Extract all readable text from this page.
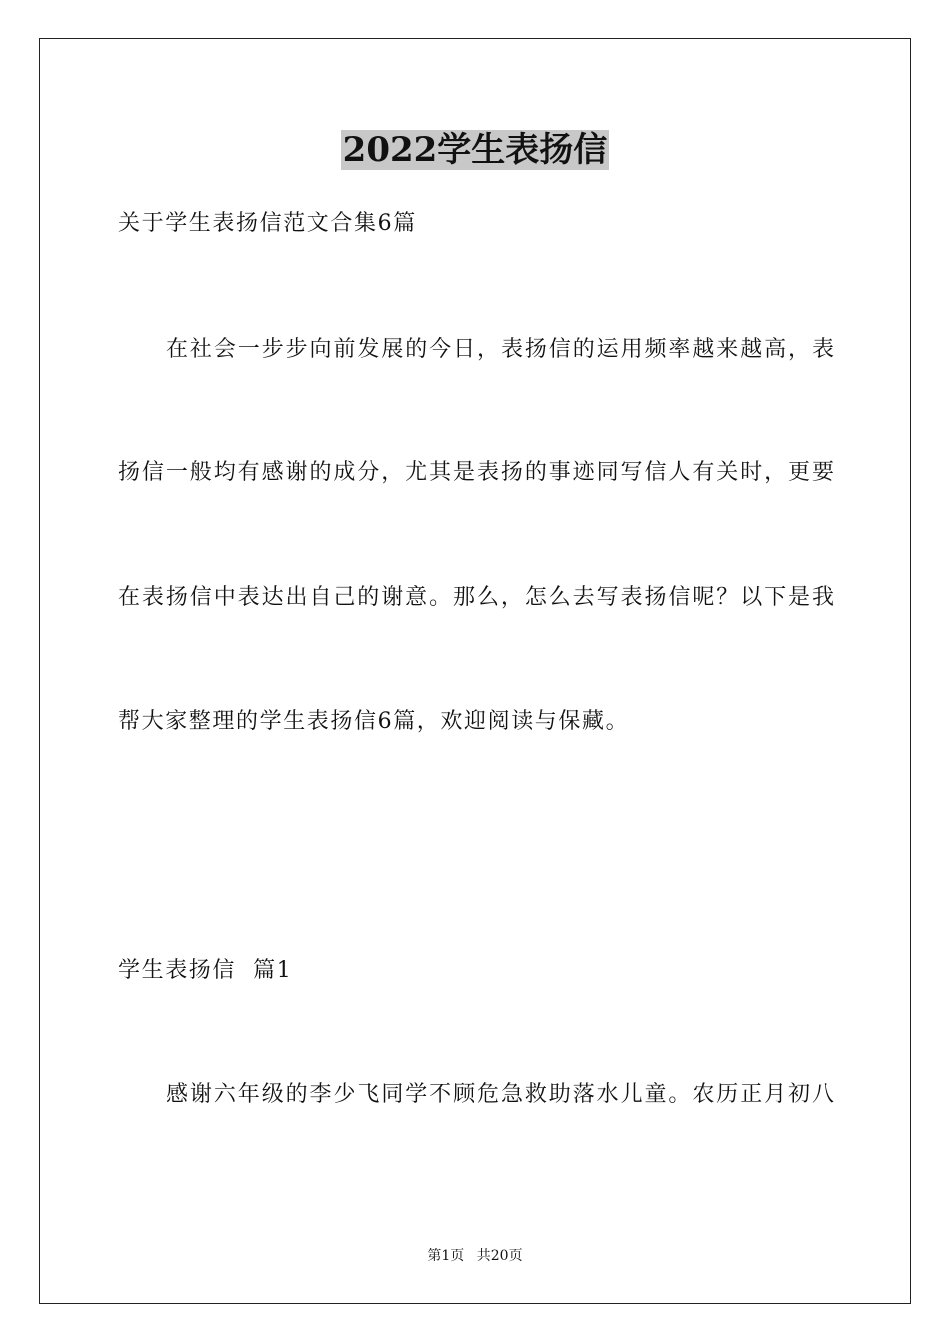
2022学生表扬信
关于学生表扬信范文合集6篇
在社会一步步向前发展的今日，表扬信的运用频率越来越高，表
扬信一般均有感谢的成分，尤其是表扬的事迹同写信人有关时，更要
在表扬信中表达出自己的谢意。那么，怎么去写表扬信呢？以下是我
帮大家整理的学生表扬信6篇，欢迎阅读与保藏。
学生表扬信  篇1
感谢六年级的李少飞同学不顾危急救助落水儿童。农历正月初八
第1页 共20页
